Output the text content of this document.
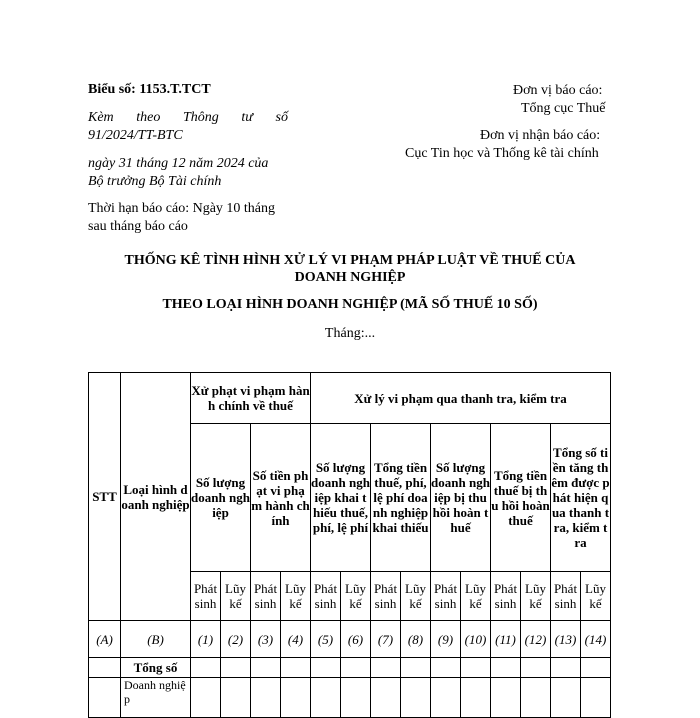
Biểu số: 1153.T.TCT
Kèm theo Thông tư số
91/2024/TT-BTC
ngày 31 tháng 12 năm 2024 của
Bộ trưởng Bộ Tài chính
Thời hạn báo cáo: Ngày 10 tháng
sau tháng báo cáo
Đơn vị báo cáo:
Tổng cục Thuế
Đơn vị nhận báo cáo:
Cục Tin học và Thống kê tài chính
THỐNG KÊ TÌNH HÌNH XỬ LÝ VI PHẠM PHÁP LUẬT VỀ THUẾ CỦA
DOANH NGHIỆP
THEO LOẠI HÌNH DOANH NGHIỆP (MÃ SỐ THUẾ 10 SỐ)
Tháng:...
STT	Loại hình doanh nghiệp	Xử phạt vi phạm hành chính về thuế				Xử lý vi phạm qua thanh tra, kiểm tra									
		Số lượng doanh nghiệp		Số tiền phạt vi phạm hành chính		Số lượng doanh nghiệp khai thiếu thuế, phí, lệ phí		Tổng tiền thuế, phí, lệ phí doanh nghiệp khai thiếu		Số lượng doanh nghiệp bị thu hồi hoàn thuế		Tổng tiền thuế bị thu hồi hoàn thuế		Tổng số tiền tăng thêm được phát hiện qua thanh tra, kiểm tra	
		Phát sinh	Lũy kế	Phát sinh	Lũy kế	Phát sinh	Lũy kế	Phát sinh	Lũy kế	Phát sinh	Lũy kế	Phát sinh	Lũy kế	Phát sinh	Lũy kế
(A)	(B)	(1)	(2)	(3)	(4)	(5)	(6)	(7)	(8)	(9)	(10)	(11)	(12)	(13)	(14)
	Tổng số														
	Doanh nghiệp														
